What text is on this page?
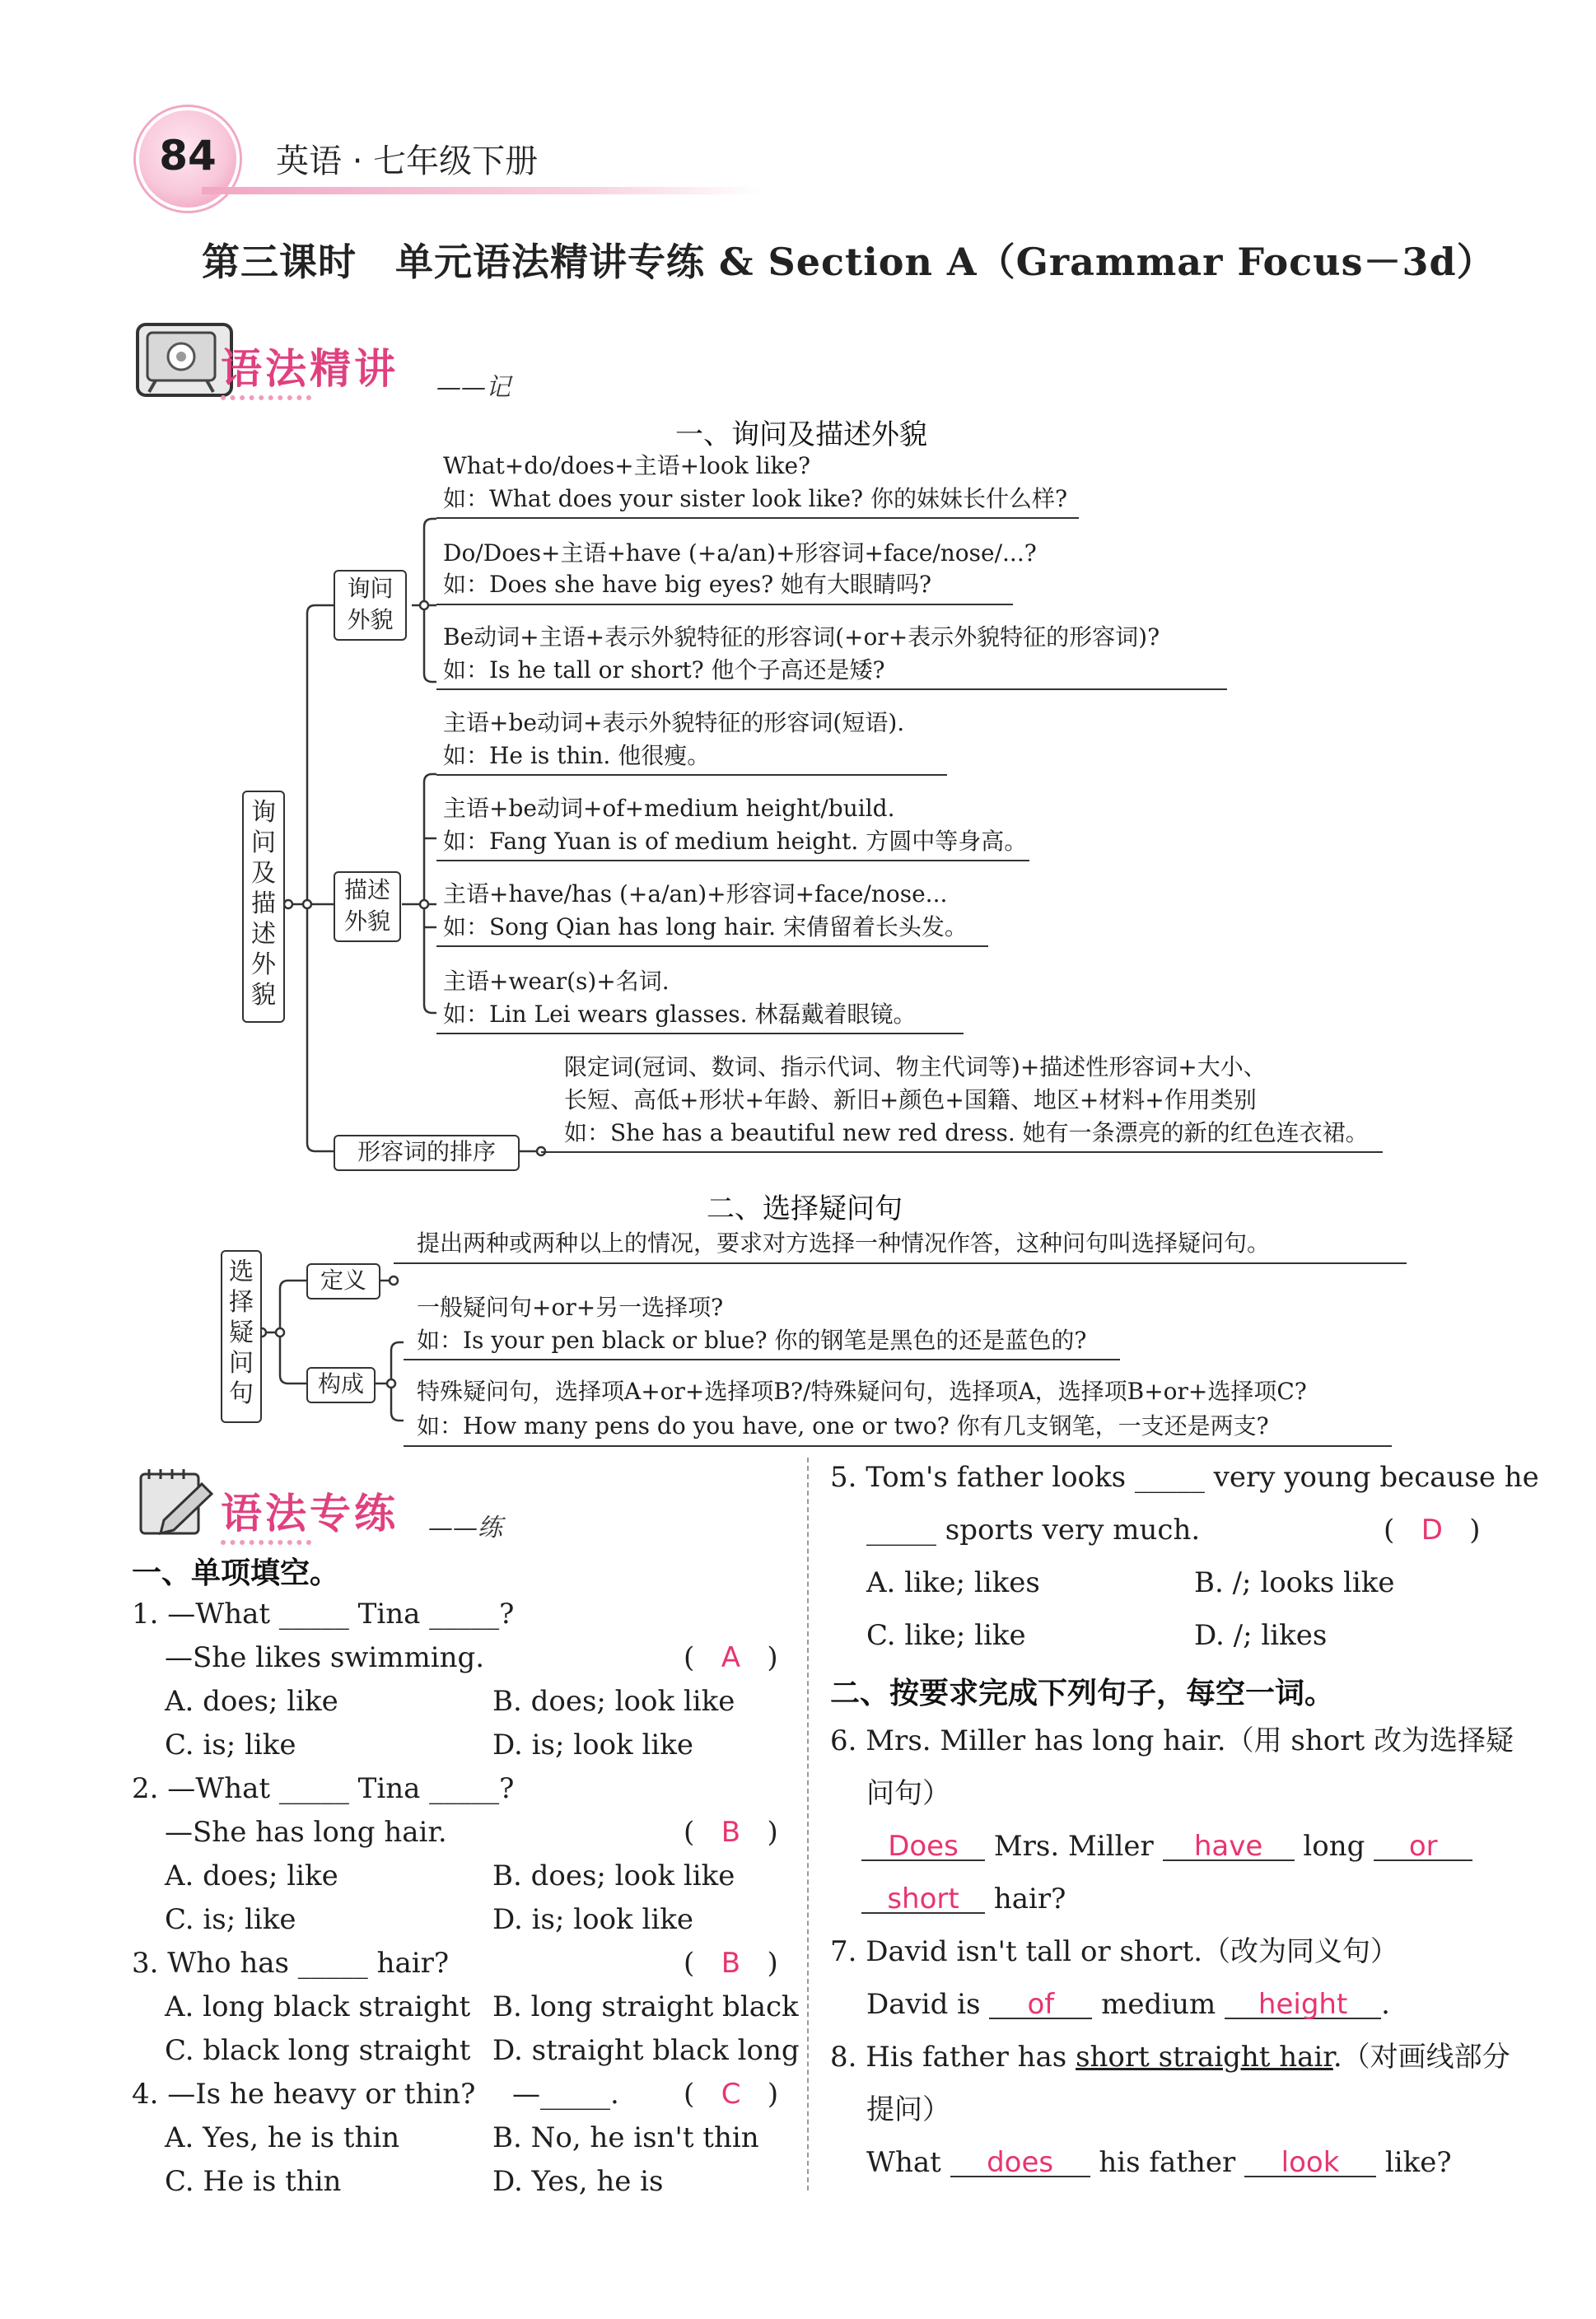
84	英语 · 七年级下册
第三课时　单元语法精讲专练 & Section A（Grammar Focus－3d）
语法精讲 ——记
一、询问及描述外貌
询问及描述外貌
询问外貌
描述外貌
形容词的排序
What+do/does+主语+look like?
如：What does your sister look like? 你的妹妹长什么样?
Do/Does+主语+have (+a/an)+形容词+face/nose/...?
如：Does she have big eyes? 她有大眼睛吗?
Be动词+主语+表示外貌特征的形容词(+or+表示外貌特征的形容词)?
如：Is he tall or short? 他个子高还是矮?
主语+be动词+表示外貌特征的形容词(短语).
如：He is thin. 他很瘦。
主语+be动词+of+medium height/build.
如：Fang Yuan is of medium height. 方圆中等身高。
主语+have/has (+a/an)+形容词+face/nose...
如：Song Qian has long hair. 宋倩留着长头发。
主语+wear(s)+名词.
如：Lin Lei wears glasses. 林磊戴着眼镜。
限定词(冠词、数词、指示代词、物主代词等)+描述性形容词+大小、
长短、高低+形状+年龄、新旧+颜色+国籍、地区+材料+作用类别
如：She has a beautiful new red dress. 她有一条漂亮的新的红色连衣裙。
二、选择疑问句
选择疑问句
定义
构成
提出两种或两种以上的情况，要求对方选择一种情况作答，这种问句叫选择疑问句。
一般疑问句+or+另一选择项?
如：Is your pen black or blue? 你的钢笔是黑色的还是蓝色的?
特殊疑问句，选择项A+or+选择项B?/特殊疑问句，选择项A，选择项B+or+选择项C?
如：How many pens do you have, one or two? 你有几支钢笔，一支还是两支?
语法专练 ——练
一、单项填空。
1. —What _____ Tina _____?
—She likes swimming.	(   A   )
A. does; like	B. does; look like
C. is; like	D. is; look like
2. —What _____ Tina _____?
—She has long hair.	(   B   )
A. does; like	B. does; look like
C. is; like	D. is; look like
3. Who has _____ hair?	(   B   )
A. long black straight B. long straight black
C. black long straight D. straight black long
4. —Is he heavy or thin? —_____. (   C   )
A. Yes, he is thin	B. No, he isn't thin
C. He is thin	D. Yes, he is
5. Tom's father looks _____ very young because he
_____ sports very much.	(   D   )
A. like; likes	B. /; looks like
C. like; like	D. /; likes
二、按要求完成下列句子，每空一词。
6. Mrs. Miller has long hair.（用 short 改为选择疑
问句）
Does Mrs. Miller have long or
short hair?
7. David isn't tall or short.（改为同义句）
David is of medium height .
8. His father has short straight hair.（对画线部分
提问）
What does his father look like?
